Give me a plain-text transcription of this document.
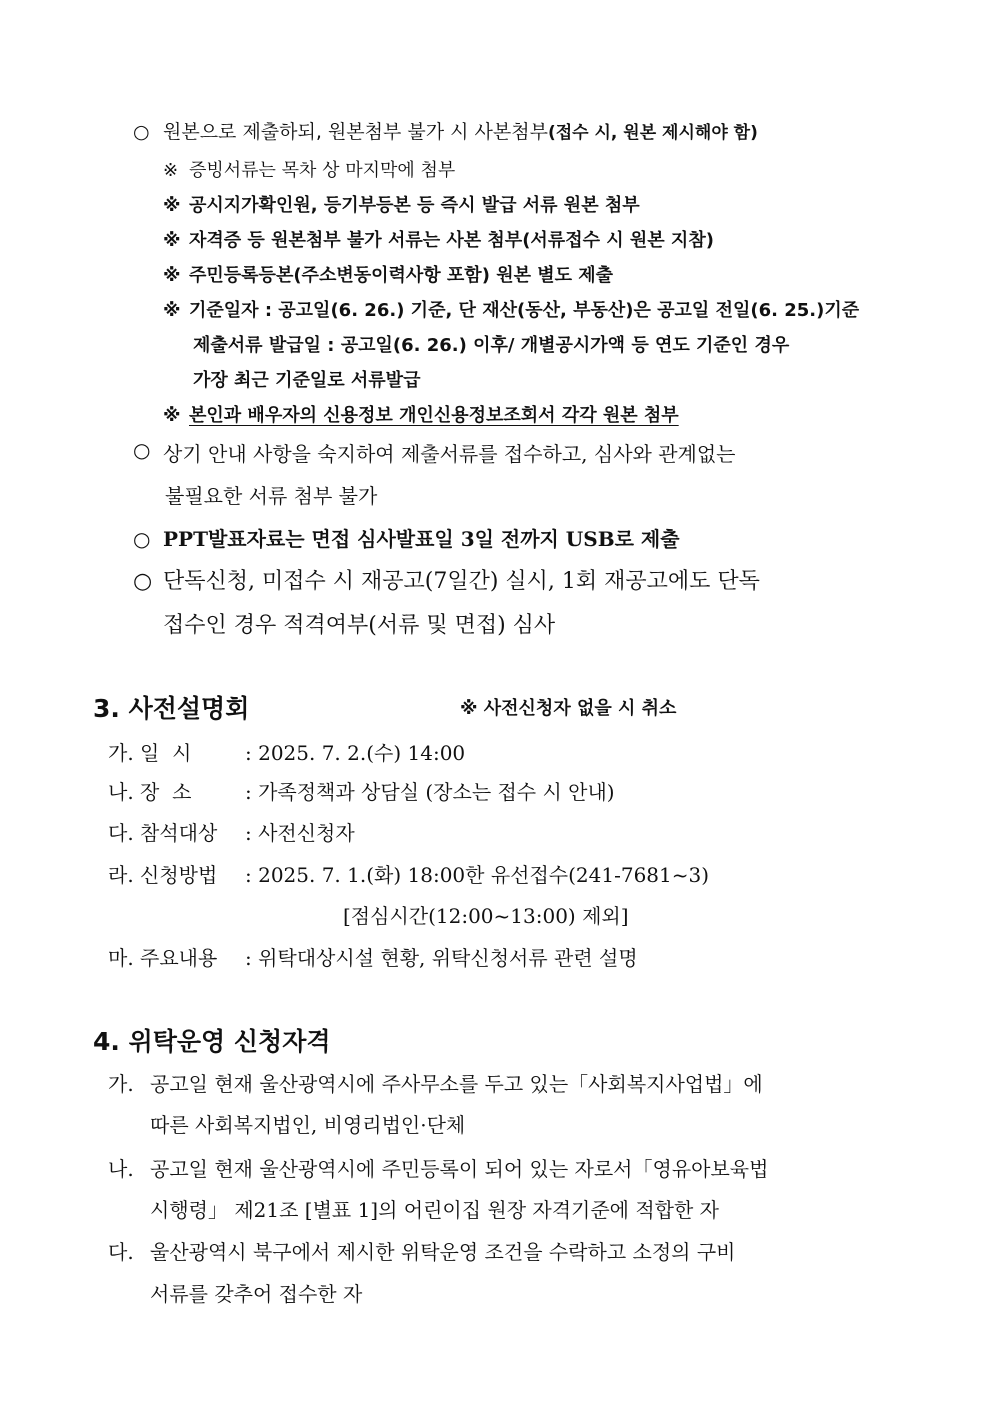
○ 원본으로 제출하되, 원본첨부 불가 시 사본첨부(접수 시, 원본 제시해야 함)
※ 증빙서류는 목차 상 마지막에 첨부
※ 공시지가확인원, 등기부등본 등 즉시 발급 서류 원본 첨부
※ 자격증 등 원본첨부 불가 서류는 사본 첨부(서류접수 시 원본 지참)
※ 주민등록등본(주소변동이력사항 포함) 원본 별도 제출
※ 기준일자 : 공고일(6. 26.) 기준, 단 재산(동산, 부동산)은 공고일 전일(6. 25.)기준
제출서류 발급일 : 공고일(6. 26.) 이후/ 개별공시가액 등 연도 기준인 경우
가장 최근 기준일로 서류발급
※ 본인과 배우자의 신용정보 개인신용정보조회서 각각 원본 첨부
○ 상기 안내 사항을 숙지하여 제출서류를 접수하고, 심사와 관계없는
불필요한 서류 첨부 불가
○ PPT발표자료는 면접 심사발표일 3일 전까지 USB로 제출
○ 단독신청, 미접수 시 재공고(7일간) 실시, 1회 재공고에도 단독
접수인 경우 적격여부(서류 및 면접) 심사
3. 사전설명회	※ 사전신청자 없을 시 취소
가. 일  시	: 2025. 7. 2.(수) 14:00
나. 장  소	: 가족정책과 상담실 (장소는 접수 시 안내)
다. 참석대상 : 사전신청자
라. 신청방법 : 2025. 7. 1.(화) 18:00한 유선접수(241-7681~3)
[점심시간(12:00~13:00) 제외]
마. 주요내용 : 위탁대상시설 현황, 위탁신청서류 관련 설명
4. 위탁운영 신청자격
가. 공고일 현재 울산광역시에 주사무소를 두고 있는「사회복지사업법」에
따른 사회복지법인, 비영리법인·단체
나. 공고일 현재 울산광역시에 주민등록이 되어 있는 자로서「영유아보육법
시행령」 제21조 [별표 1]의 어린이집 원장 자격기준에 적합한 자
다. 울산광역시 북구에서 제시한 위탁운영 조건을 수락하고 소정의 구비
서류를 갖추어 접수한 자
